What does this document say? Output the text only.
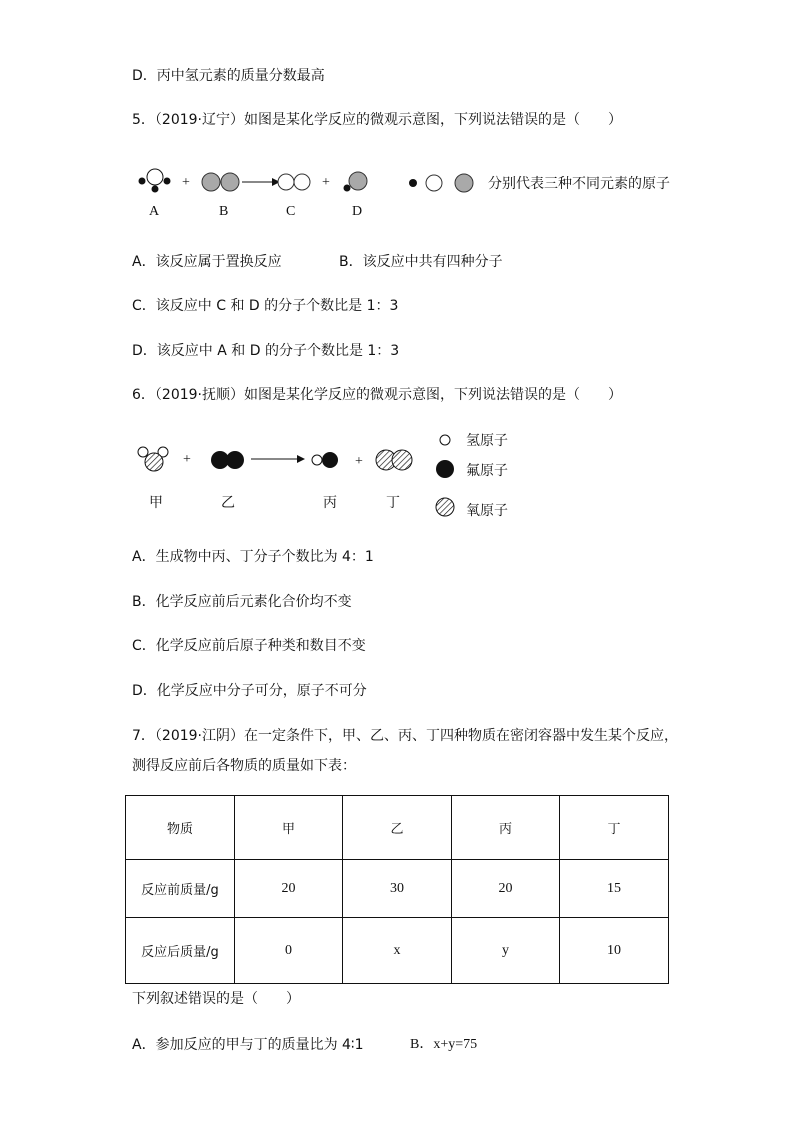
D．丙中氢元素的质量分数最高
5．（2019·辽宁）如图是某化学反应的微观示意图，下列说法错误的是（　　）
+	+	分别代表三种不同元素的原子
A	B	C	D
A．该反应属于置换反应	B．该反应中共有四种分子
C．该反应中 C 和 D 的分子个数比是 1：3
D．该反应中 A 和 D 的分子个数比是 1：3
6．（2019·抚顺）如图是某化学反应的微观示意图，下列说法错误的是（　　）
+	+
甲	乙	丙	丁
氢原子
氟原子
氧原子
A．生成物中丙、丁分子个数比为 4：1
B．化学反应前后元素化合价均不变
C．化学反应前后原子种类和数目不变
D．化学反应中分子可分，原子不可分
7．（2019·江阴）在一定条件下，甲、乙、丙、丁四种物质在密闭容器中发生某个反应，
测得反应前后各物质的质量如下表：
物质	甲	乙	丙	丁
反应前质量/g	20	30	20	15
反应后质量/g	0	x	y	10
下列叙述错误的是（　　）
A．参加反应的甲与丁的质量比为 4∶1	B．x+y=75
